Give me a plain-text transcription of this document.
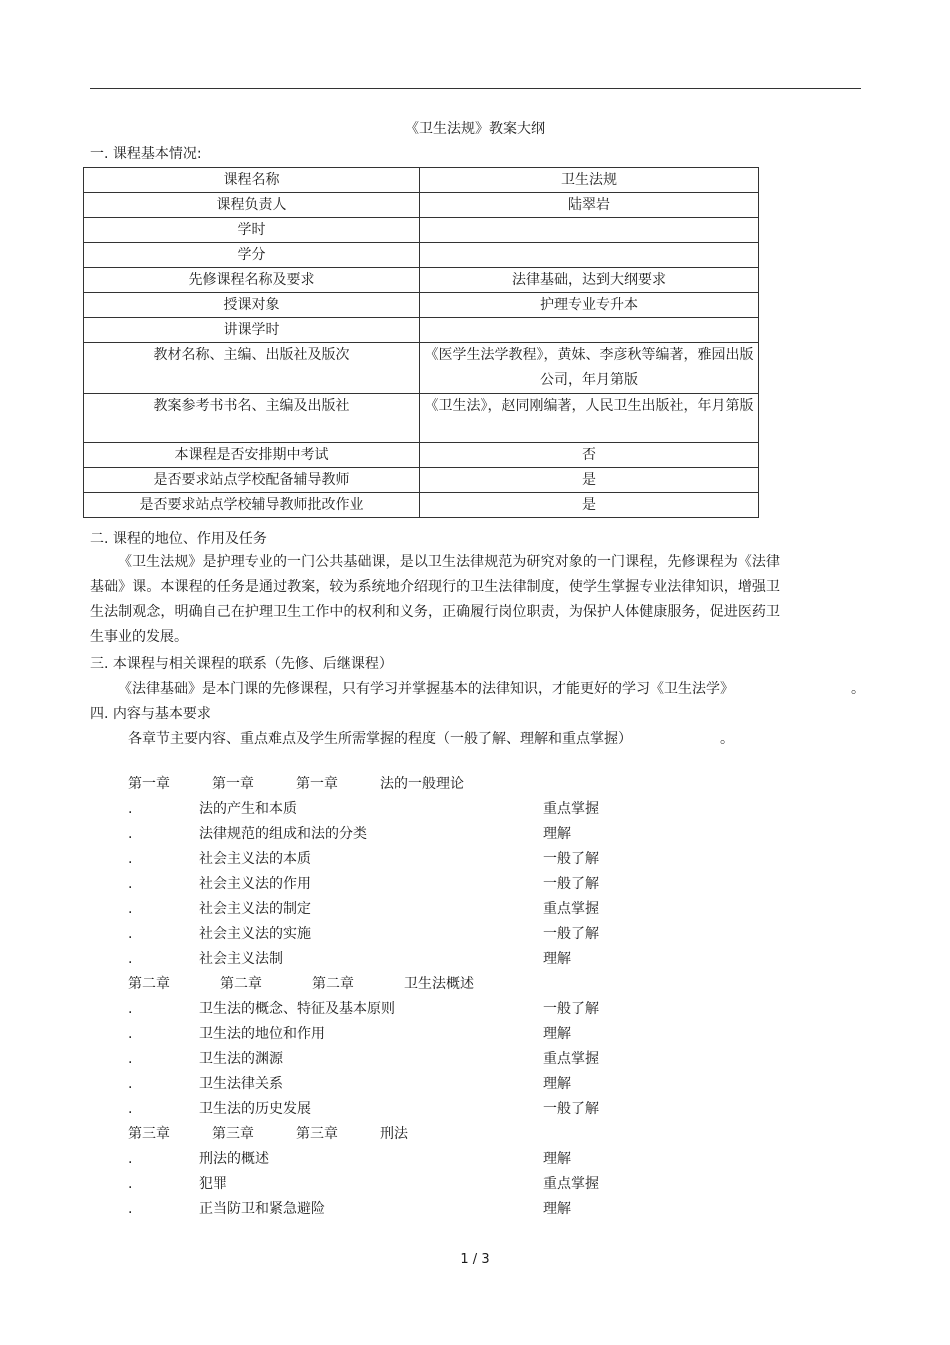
《卫生法规》教案大纲
一. 课程基本情况:
课程名称	卫生法规
课程负责人	陆翠岩
学时	
学分	
先修课程名称及要求	法律基础，达到大纲要求
授课对象	护理专业专升本
讲课学时	
教材名称、主编、出版社及版次	《医学生法学教程》，黄妹、李彦秋等编著，雅园出版公司，年月第版
教案参考书书名、主编及出版社	《卫生法》，赵同刚编著，人民卫生出版社，年月第版
本课程是否安排期中考试	否
是否要求站点学校配备辅导教师	是
是否要求站点学校辅导教师批改作业	是
二. 课程的地位、作用及任务
《卫生法规》是护理专业的一门公共基础课，是以卫生法律规范为研究对象的一门课程，先修课程为《法律基础》课。本课程的任务是通过教案，较为系统地介绍现行的卫生法律制度，使学生掌握专业法律知识，增强卫生法制观念，明确自己在护理卫生工作中的权利和义务，正确履行岗位职责，为保护人体健康服务，促进医药卫生事业的发展。
三. 本课程与相关课程的联系（先修、后继课程）
《法律基础》是本门课的先修课程，只有学习并掌握基本的法律知识，才能更好的学习《卫生法学》	。
四. 内容与基本要求
各章节主要内容、重点难点及学生所需掌握的程度（一般了解、理解和重点掌握）	。
第一章	第一章	第一章	法的一般理论
.	法的产生和本质	重点掌握
.	法律规范的组成和法的分类	理解
.	社会主义法的本质	一般了解
.	社会主义法的作用	一般了解
.	社会主义法的制定	重点掌握
.	社会主义法的实施	一般了解
.	社会主义法制	理解
第二章	第二章	第二章	卫生法概述
.	卫生法的概念、特征及基本原则	一般了解
.	卫生法的地位和作用	理解
.	卫生法的渊源	重点掌握
.	卫生法律关系	理解
.	卫生法的历史发展	一般了解
第三章	第三章	第三章	刑法
.	刑法的概述	理解
.	犯罪	重点掌握
.	正当防卫和紧急避险	理解
1 / 3
